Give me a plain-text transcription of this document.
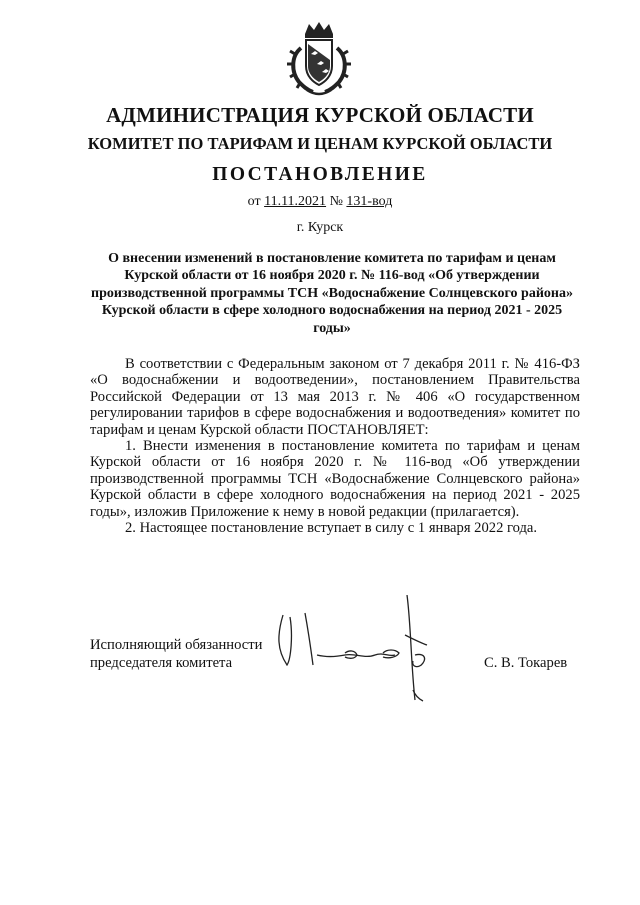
АДМИНИСТРАЦИЯ КУРСКОЙ ОБЛАСТИ
КОМИТЕТ ПО ТАРИФАМ И ЦЕНАМ КУРСКОЙ ОБЛАСТИ
ПОСТАНОВЛЕНИЕ
от 11.11.2021 № 131-вод
г. Курск
О внесении изменений в постановление комитета по тарифам и ценам Курской области от 16 ноября 2020 г. № 116-вод «Об утверждении производственной программы ТСН «Водоснабжение Солнцевского района» Курской области в сфере холодного водоснабжения на период 2021 - 2025 годы»

В соответствии с Федеральным законом от 7 декабря 2011 г. № 416-ФЗ «О водоснабжении и водоотведении», постановлением Правительства Российской Федерации от 13 мая 2013 г. № 406 «О государственном регулировании тарифов в сфере водоснабжения и водоотведения» комитет по тарифам и ценам Курской области ПОСТАНОВЛЯЕТ:

1. Внести изменения в постановление комитета по тарифам и ценам Курской области от 16 ноября 2020 г. № 116-вод «Об утверждении производственной программы ТСН «Водоснабжение Солнцевского района» Курской области в сфере холодного водоснабжения на период 2021 - 2025 годы», изложив Приложение к нему в новой редакции (прилагается).

2. Настоящее постановление вступает в силу с 1 января 2022 года.

Исполняющий обязанности
председателя комитета	С. В. Токарев
